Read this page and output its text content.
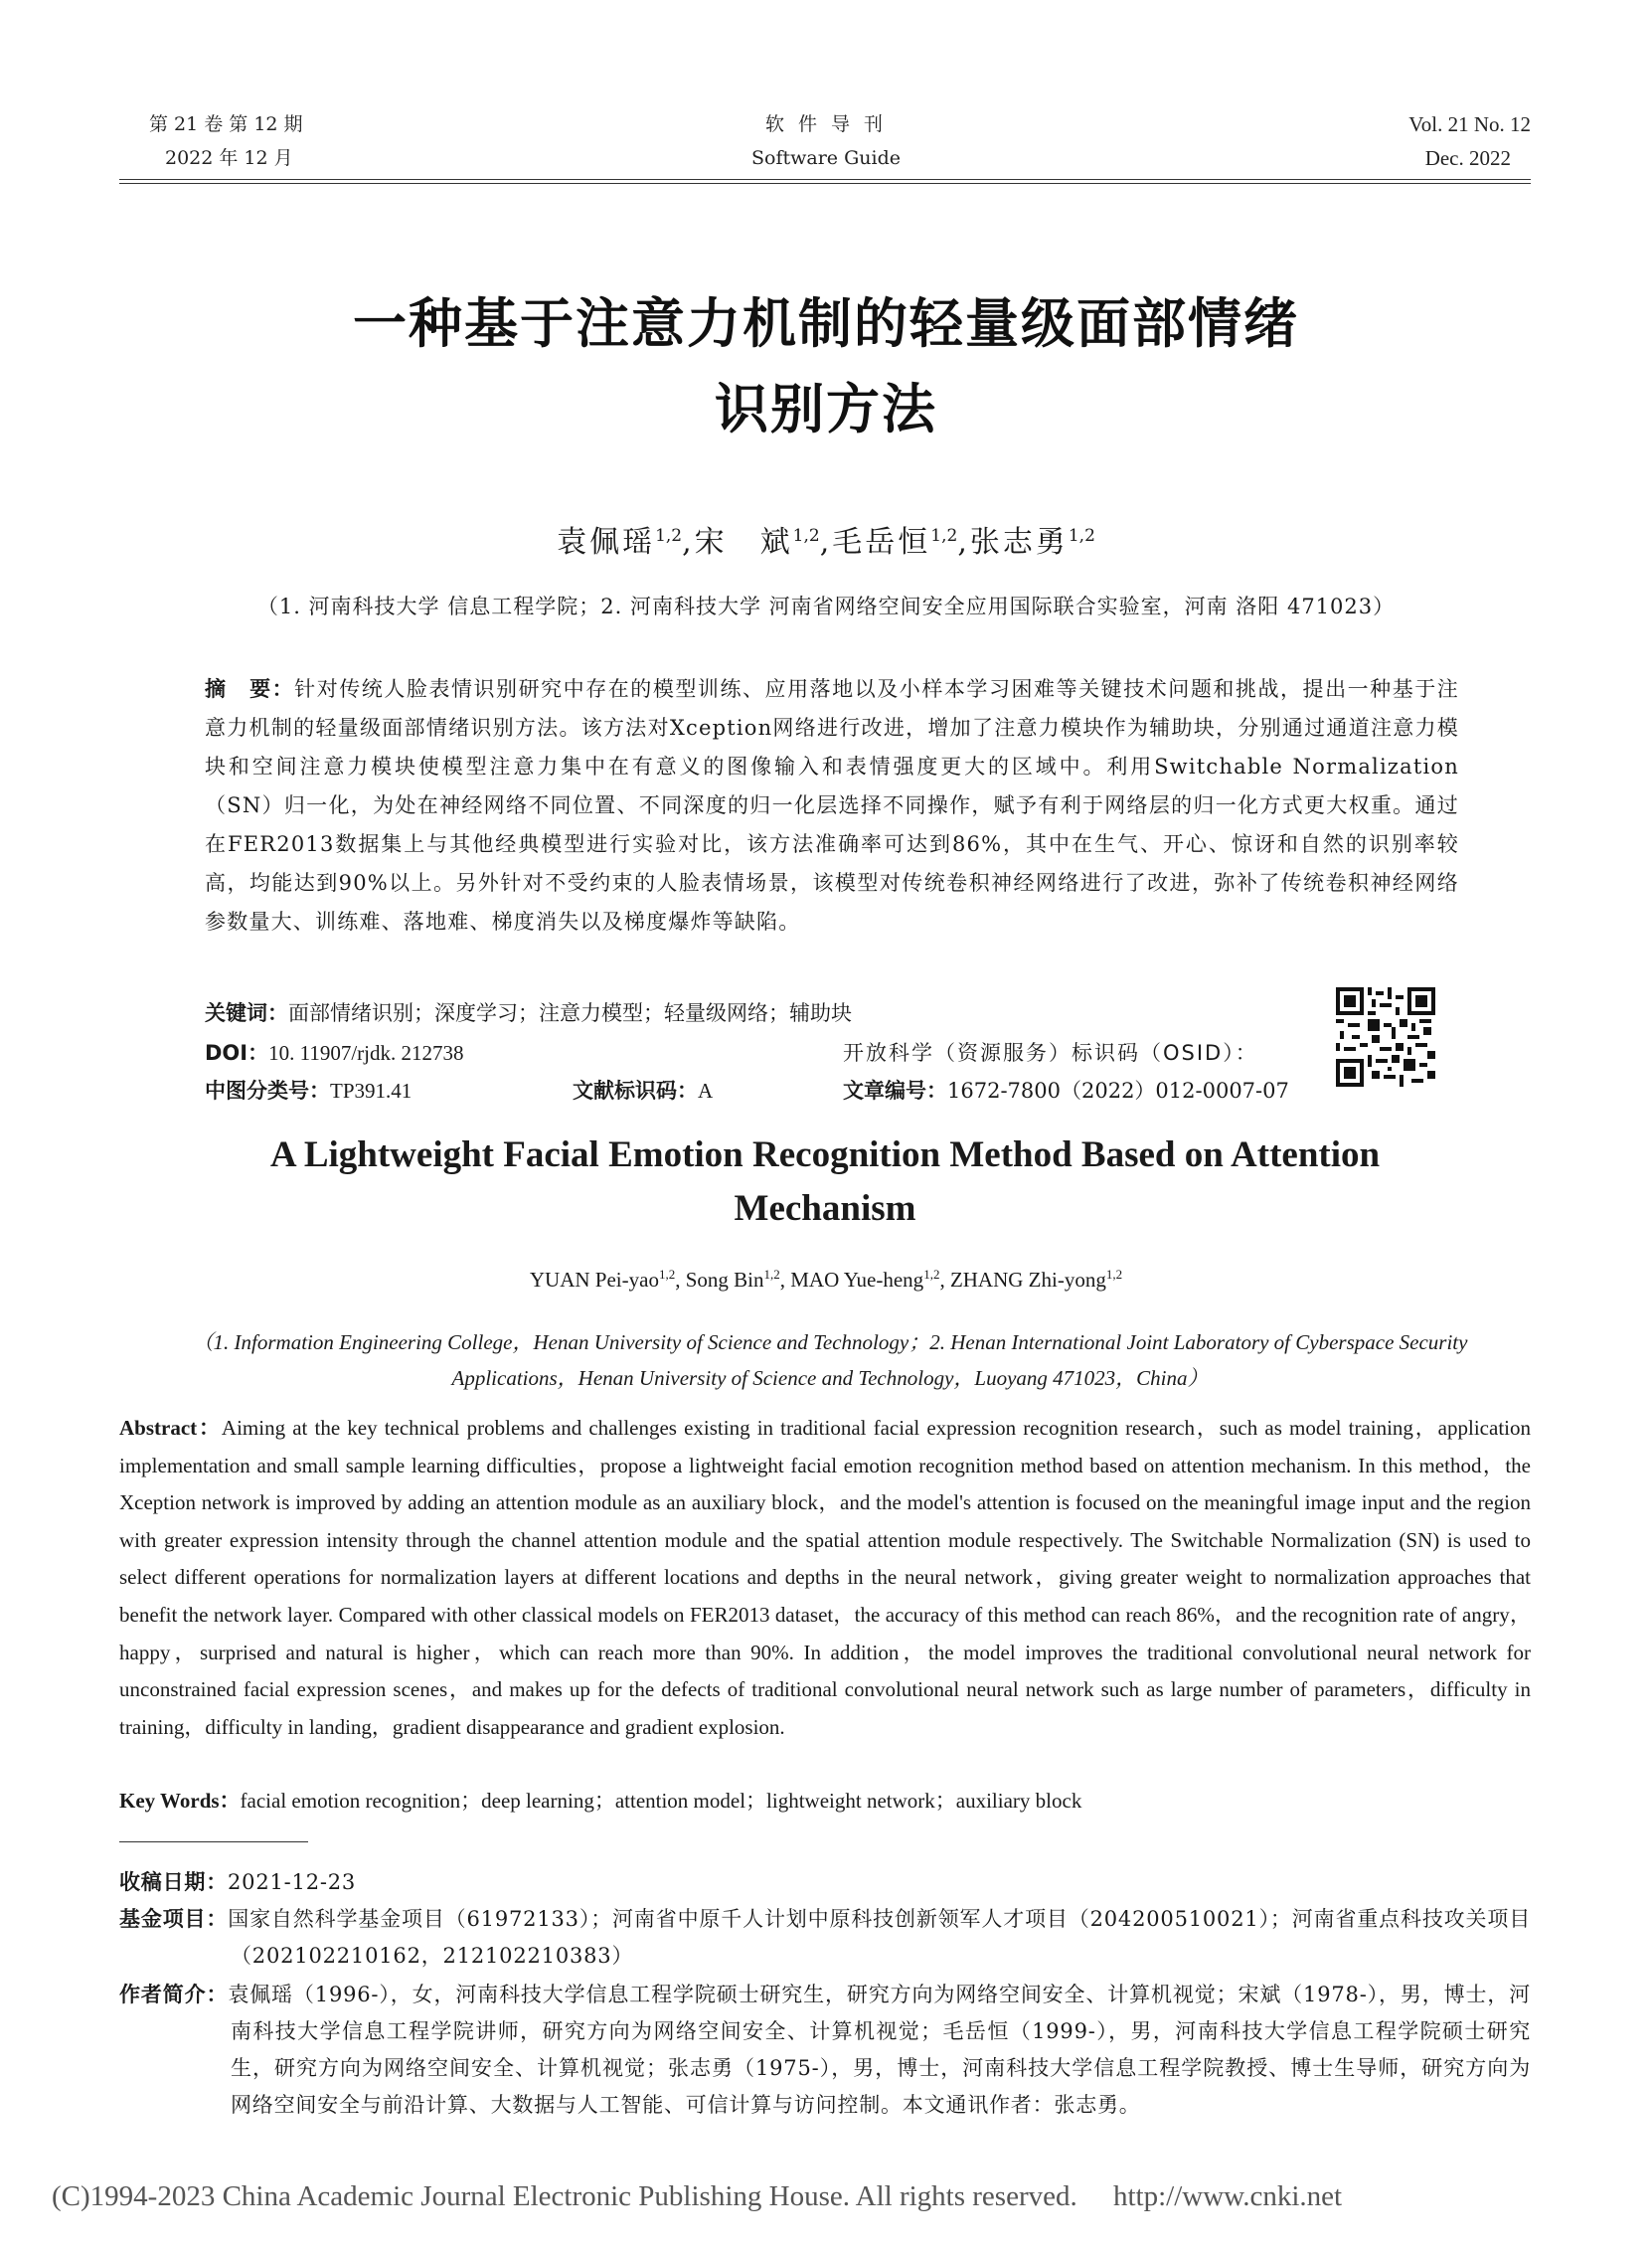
第 21 卷 第 12 期
2022 年 12 月
软 件 导 刊
Software Guide
Vol. 21 No. 12
Dec. 2022
一种基于注意力机制的轻量级面部情绪
识别方法
袁佩瑶$^{1,2}$,宋　斌$^{1,2}$,毛岳恒$^{1,2}$,张志勇$^{1,2}$
（1. 河南科技大学 信息工程学院；2. 河南科技大学 河南省网络空间安全应用国际联合实验室，河南 洛阳 471023）
摘　要：针对传统人脸表情识别研究中存在的模型训练、应用落地以及小样本学习困难等关键技术问题和挑战，提出一种基于注意力机制的轻量级面部情绪识别方法。该方法对Xception网络进行改进，增加了注意力模块作为辅助块，分别通过通道注意力模块和空间注意力模块使模型注意力集中在有意义的图像输入和表情强度更大的区域中。利用Switchable Normalization（SN）归一化，为处在神经网络不同位置、不同深度的归一化层选择不同操作，赋予有利于网络层的归一化方式更大权重。通过在FER2013数据集上与其他经典模型进行实验对比，该方法准确率可达到86%，其中在生气、开心、惊讶和自然的识别率较高，均能达到90%以上。另外针对不受约束的人脸表情场景，该模型对传统卷积神经网络进行了改进，弥补了传统卷积神经网络参数量大、训练难、落地难、梯度消失以及梯度爆炸等缺陷。
关键词：面部情绪识别；深度学习；注意力模型；轻量级网络；辅助块
DOI：10. 11907/rjdk. 212738	开放科学（资源服务）标识码（OSID）：
中图分类号：TP391.41	文献标识码：A	文章编号：1672-7800（2022）012-0007-07
A Lightweight Facial Emotion Recognition Method Based on Attention
Mechanism
YUAN Pei-yao$^{1,2}$, Song Bin$^{1,2}$, MAO Yue-heng$^{1,2}$, ZHANG Zhi-yong$^{1,2}$
（1. Information Engineering College，Henan University of Science and Technology；2. Henan International Joint Laboratory of Cyberspace Security Applications，Henan University of Science and Technology，Luoyang 471023，China）
Abstract：Aiming at the key technical problems and challenges existing in traditional facial expression recognition research，such as model training，application implementation and small sample learning difficulties，propose a lightweight facial emotion recognition method based on attention mechanism. In this method，the Xception network is improved by adding an attention module as an auxiliary block，and the model's attention is focused on the meaningful image input and the region with greater expression intensity through the channel attention module and the spatial attention module respectively. The Switchable Normalization (SN) is used to select different operations for normalization layers at different locations and depths in the neural network，giving greater weight to normalization approaches that benefit the network layer. Compared with other classical models on FER2013 dataset，the accuracy of this method can reach 86%，and the recognition rate of angry，happy，surprised and natural is higher，which can reach more than 90%. In addition，the model improves the traditional convolutional neural network for unconstrained facial expression scenes，and makes up for the defects of traditional convolutional neural network such as large number of parameters，difficulty in training，difficulty in landing，gradient disappearance and gradient explosion.
Key Words：facial emotion recognition；deep learning；attention model；lightweight network；auxiliary block
收稿日期：2021-12-23
基金项目：国家自然科学基金项目（61972133）；河南省中原千人计划中原科技创新领军人才项目（204200510021）；河南省重点科技攻关项目（202102210162，212102210383）
作者简介：袁佩瑶（1996-），女，河南科技大学信息工程学院硕士研究生，研究方向为网络空间安全、计算机视觉；宋斌（1978-），男，博士，河南科技大学信息工程学院讲师，研究方向为网络空间安全、计算机视觉；毛岳恒（1999-），男，河南科技大学信息工程学院硕士研究生，研究方向为网络空间安全、计算机视觉；张志勇（1975-），男，博士，河南科技大学信息工程学院教授、博士生导师，研究方向为网络空间安全与前沿计算、大数据与人工智能、可信计算与访问控制。本文通讯作者：张志勇。
(C)1994-2023 China Academic Journal Electronic Publishing House. All rights reserved.　 http://www.cnki.net
